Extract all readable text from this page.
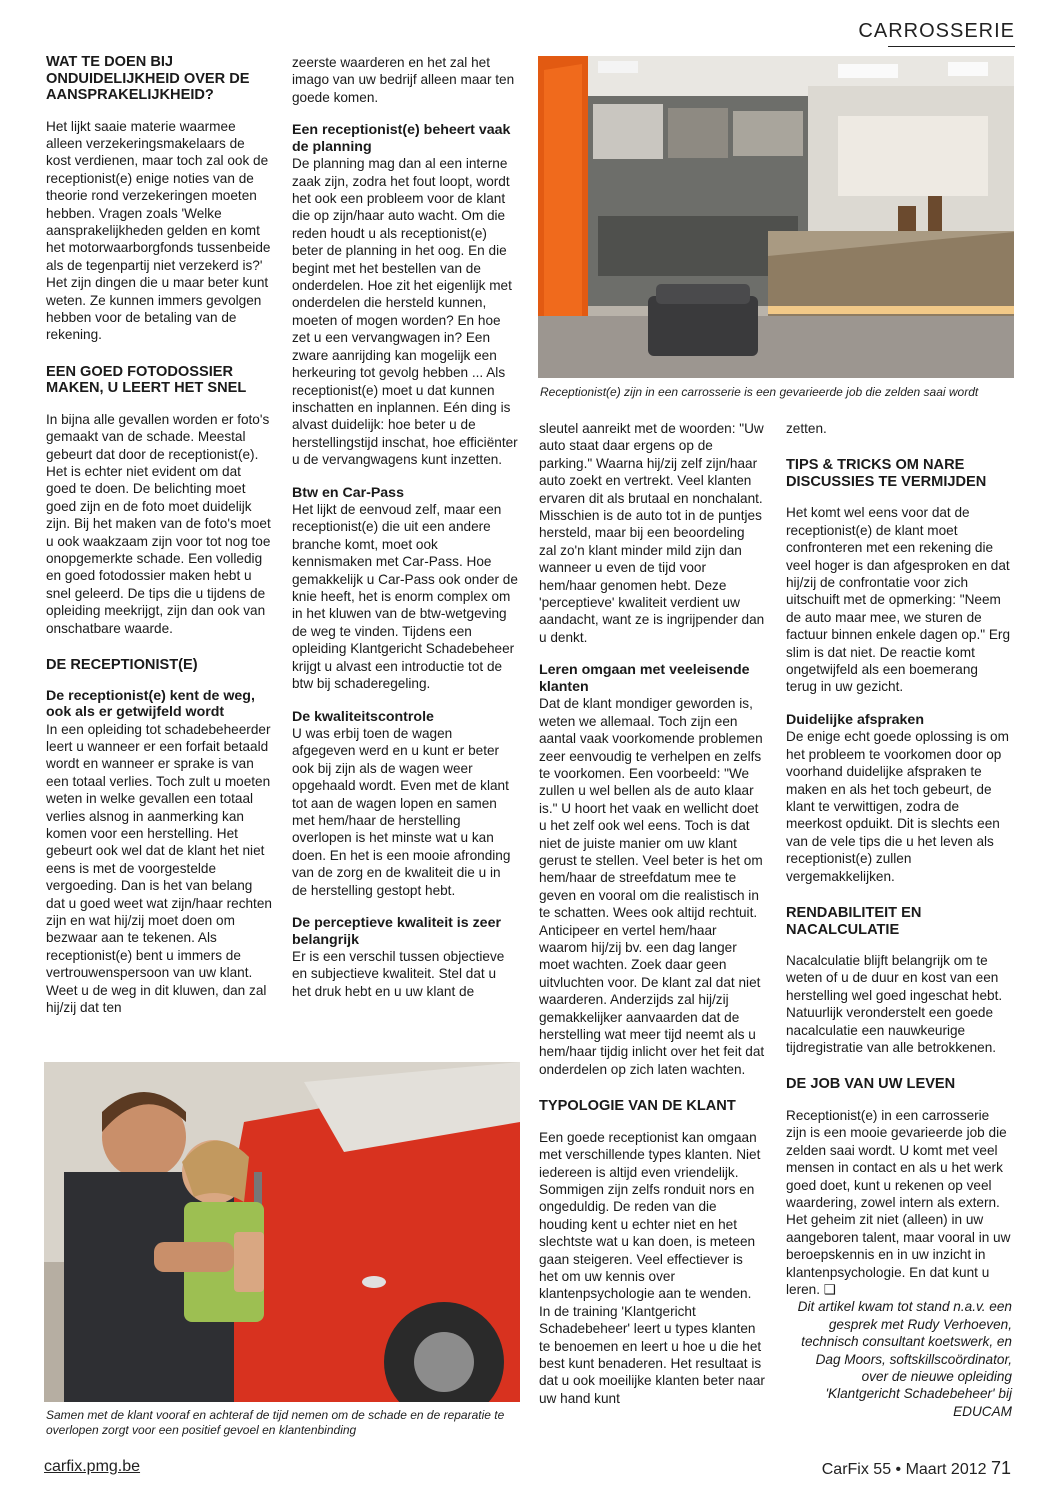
CARROSSERIE
WAT TE DOEN BIJ ONDUIDELIJKHEID OVER DE AANSPRAKELIJKHEID?

Het lijkt saaie materie waarmee alleen verzekeringsmakelaars de kost verdienen, maar toch zal ook de receptionist(e) enige noties van de theorie rond verzekeringen moeten hebben. Vragen zoals 'Welke aansprakelijkheden gelden en komt het motorwaarborgfonds tussenbeide als de tegenpartij niet verzekerd is?' Het zijn dingen die u maar beter kunt weten. Ze kunnen immers gevolgen hebben voor de betaling van de rekening.

EEN GOED FOTODOSSIER MAKEN, U LEERT HET SNEL

In bijna alle gevallen worden er foto's gemaakt van de schade. Meestal gebeurt dat door de receptionist(e). Het is echter niet evident om dat goed te doen. De belichting moet goed zijn en de foto moet duidelijk zijn. Bij het maken van de foto's moet u ook waakzaam zijn voor tot nog toe onopgemerkte schade. Een volledig en goed fotodossier maken hebt u snel geleerd. De tips die u tijdens de opleiding meekrijgt, zijn dan ook van onschatbare waarde.

DE RECEPTIONIST(E)
De receptionist(e) kent de weg, ook als er getwijfeld wordt

In een opleiding tot schadebeheerder leert u wanneer er een forfait betaald wordt en wanneer er sprake is van een totaal verlies. Toch zult u moeten weten in welke gevallen een totaal verlies alsnog in aanmerking kan komen voor een herstelling. Het gebeurt ook wel dat de klant het niet eens is met de voorgestelde vergoeding. Dan is het van belang dat u goed weet wat zijn/haar rechten zijn en wat hij/zij moet doen om bezwaar aan te tekenen. Als receptionist(e) bent u immers de vertrouwenspersoon van uw klant. Weet u de weg in dit kluwen, dan zal hij/zij dat ten

zeerste waarderen en het zal het imago van uw bedrijf alleen maar ten goede komen.

Een receptionist(e) beheert vaak de planning

De planning mag dan al een interne zaak zijn, zodra het fout loopt, wordt het ook een probleem voor de klant die op zijn/haar auto wacht. Om die reden houdt u als receptionist(e) beter de planning in het oog. En die begint met het bestellen van de onderdelen. Hoe zit het eigenlijk met onderdelen die hersteld kunnen, moeten of mogen worden? En hoe zet u een vervangwagen in? Een zware aanrijding kan mogelijk een herkeuring tot gevolg hebben ... Als receptionist(e) moet u dat kunnen inschatten en inplannen. Eén ding is alvast duidelijk: hoe beter u de herstellingstijd inschat, hoe efficiënter u de vervangwagens kunt inzetten.

Btw en Car-Pass

Het lijkt de eenvoud zelf, maar een receptionist(e) die uit een andere branche komt, moet ook kennismaken met Car-Pass. Hoe gemakkelijk u Car-Pass ook onder de knie heeft, het is enorm complex om in het kluwen van de btw-wetgeving de weg te vinden. Tijdens een opleiding Klantgericht Schadebeheer krijgt u alvast een introductie tot de btw bij schaderegeling.

De kwaliteitscontrole

U was erbij toen de wagen afgegeven werd en u kunt er beter ook bij zijn als de wagen weer opgehaald wordt. Even met de klant tot aan de wagen lopen en samen met hem/haar de herstelling overlopen is het minste wat u kan doen. En het is een mooie afronding van de zorg en de kwaliteit die u in de herstelling gestopt hebt.

De perceptieve kwaliteit is zeer belangrijk

Er is een verschil tussen objectieve en subjectieve kwaliteit. Stel dat u het druk hebt en u uw klant de

Receptionist(e) zijn in een carrosserie is een gevarieerde job die zelden saai wordt

sleutel aanreikt met de woorden: "Uw auto staat daar ergens op de parking." Waarna hij/zij zelf zijn/haar auto zoekt en vertrekt. Veel klanten ervaren dit als brutaal en nonchalant. Misschien is de auto tot in de puntjes hersteld, maar bij een beoordeling zal zo'n klant minder mild zijn dan wanneer u even de tijd voor hem/haar genomen hebt. Deze 'perceptieve' kwaliteit verdient uw aandacht, want ze is ingrijpender dan u denkt.

Leren omgaan met veeleisende klanten

Dat de klant mondiger geworden is, weten we allemaal. Toch zijn een aantal vaak voorkomende problemen zeer eenvoudig te verhelpen en zelfs te voorkomen. Een voorbeeld: "We zullen u wel bellen als de auto klaar is." U hoort het vaak en wellicht doet u het zelf ook wel eens. Toch is dat niet de juiste manier om uw klant gerust te stellen. Veel beter is het om hem/haar de streefdatum mee te geven en vooral om die realistisch in te schatten. Wees ook altijd rechtuit. Anticipeer en vertel hem/haar waarom hij/zij bv. een dag langer moet wachten. Zoek daar geen uitvluchten voor. De klant zal dat niet waarderen. Anderzijds zal hij/zij gemakkelijker aanvaarden dat de herstelling wat meer tijd neemt als u hem/haar tijdig inlicht over het feit dat onderdelen op zich laten wachten.

TYPOLOGIE VAN DE KLANT

Een goede receptionist kan omgaan met verschillende types klanten. Niet iedereen is altijd even vriendelijk. Sommigen zijn zelfs ronduit nors en ongeduldig. De reden van die houding kent u echter niet en het slechtste wat u kan doen, is meteen gaan steigeren. Veel effectiever is het om uw kennis over klantenpsychologie aan te wenden. In de training 'Klantgericht Schadebeheer' leert u types klanten te benoemen en leert u hoe u die het best kunt benaderen. Het resultaat is dat u ook moeilijke klanten beter naar uw hand kunt

zetten.

TIPS & TRICKS OM NARE DISCUSSIES TE VERMIJDEN

Het komt wel eens voor dat de receptionist(e) de klant moet confronteren met een rekening die veel hoger is dan afgesproken en dat hij/zij de confrontatie voor zich uitschuift met de opmerking: "Neem de auto maar mee, we sturen de factuur binnen enkele dagen op." Erg slim is dat niet. De reactie komt ongetwijfeld als een boemerang terug in uw gezicht.

Duidelijke afspraken

De enige echt goede oplossing is om het probleem te voorkomen door op voorhand duidelijke afspraken te maken en als het toch gebeurt, de klant te verwittigen, zodra de meerkost opduikt. Dit is slechts een van de vele tips die u het leven als receptionist(e) zullen vergemakkelijken.

RENDABILITEIT EN NACALCULATIE

Nacalculatie blijft belangrijk om te weten of u de duur en kost van een herstelling wel goed ingeschat hebt. Natuurlijk veronderstelt een goede nacalculatie een nauwkeurige tijdregistratie van alle betrokkenen.

DE JOB VAN UW LEVEN

Receptionist(e) in een carrosserie zijn is een mooie gevarieerde job die zelden saai wordt. U komt met veel mensen in contact en als u het werk goed doet, kunt u rekenen op veel waardering, zowel intern als extern. Het geheim zit niet (alleen) in uw aangeboren talent, maar vooral in uw beroepskennis en in uw inzicht in klantenpsychologie. En dat kunt u leren. ❑

Dit artikel kwam tot stand n.a.v. een gesprek met Rudy Verhoeven, technisch consultant koetswerk, en Dag Moors, softskillscoördinator, over de nieuwe opleiding 'Klantgericht Schadebeheer' bij EDUCAM

Samen met de klant vooraf en achteraf de tijd nemen om de schade en de reparatie te overlopen zorgt voor een positief gevoel en klantenbinding
carfix.pmg.be	CarFix 55 • Maart 2012 71
